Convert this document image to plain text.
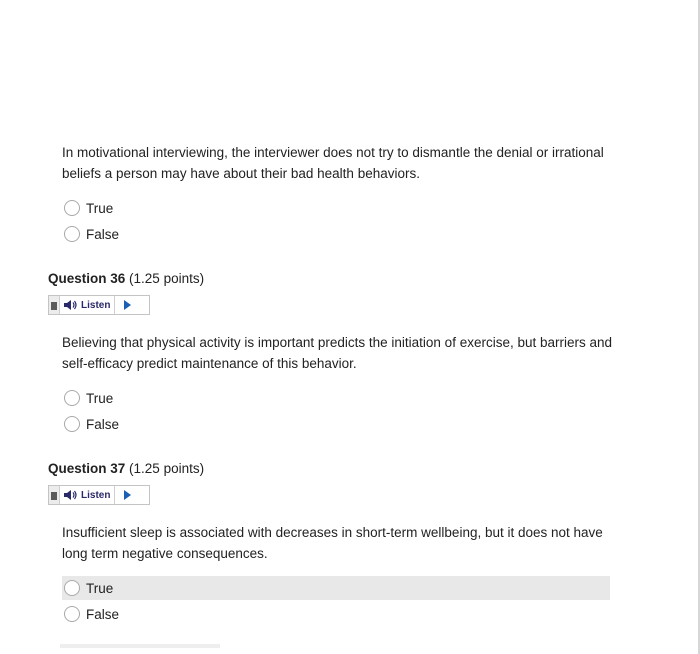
In motivational interviewing, the interviewer does not try to dismantle the denial or irrational beliefs a person may have about their bad health behaviors.
True
False
Question 36 (1.25 points)
Listen
Believing that physical activity is important predicts the initiation of exercise, but barriers and self-efficacy predict maintenance of this behavior.
True
False
Question 37 (1.25 points)
Listen
Insufficient sleep is associated with decreases in short-term wellbeing, but it does not have long term negative consequences.
True
False
